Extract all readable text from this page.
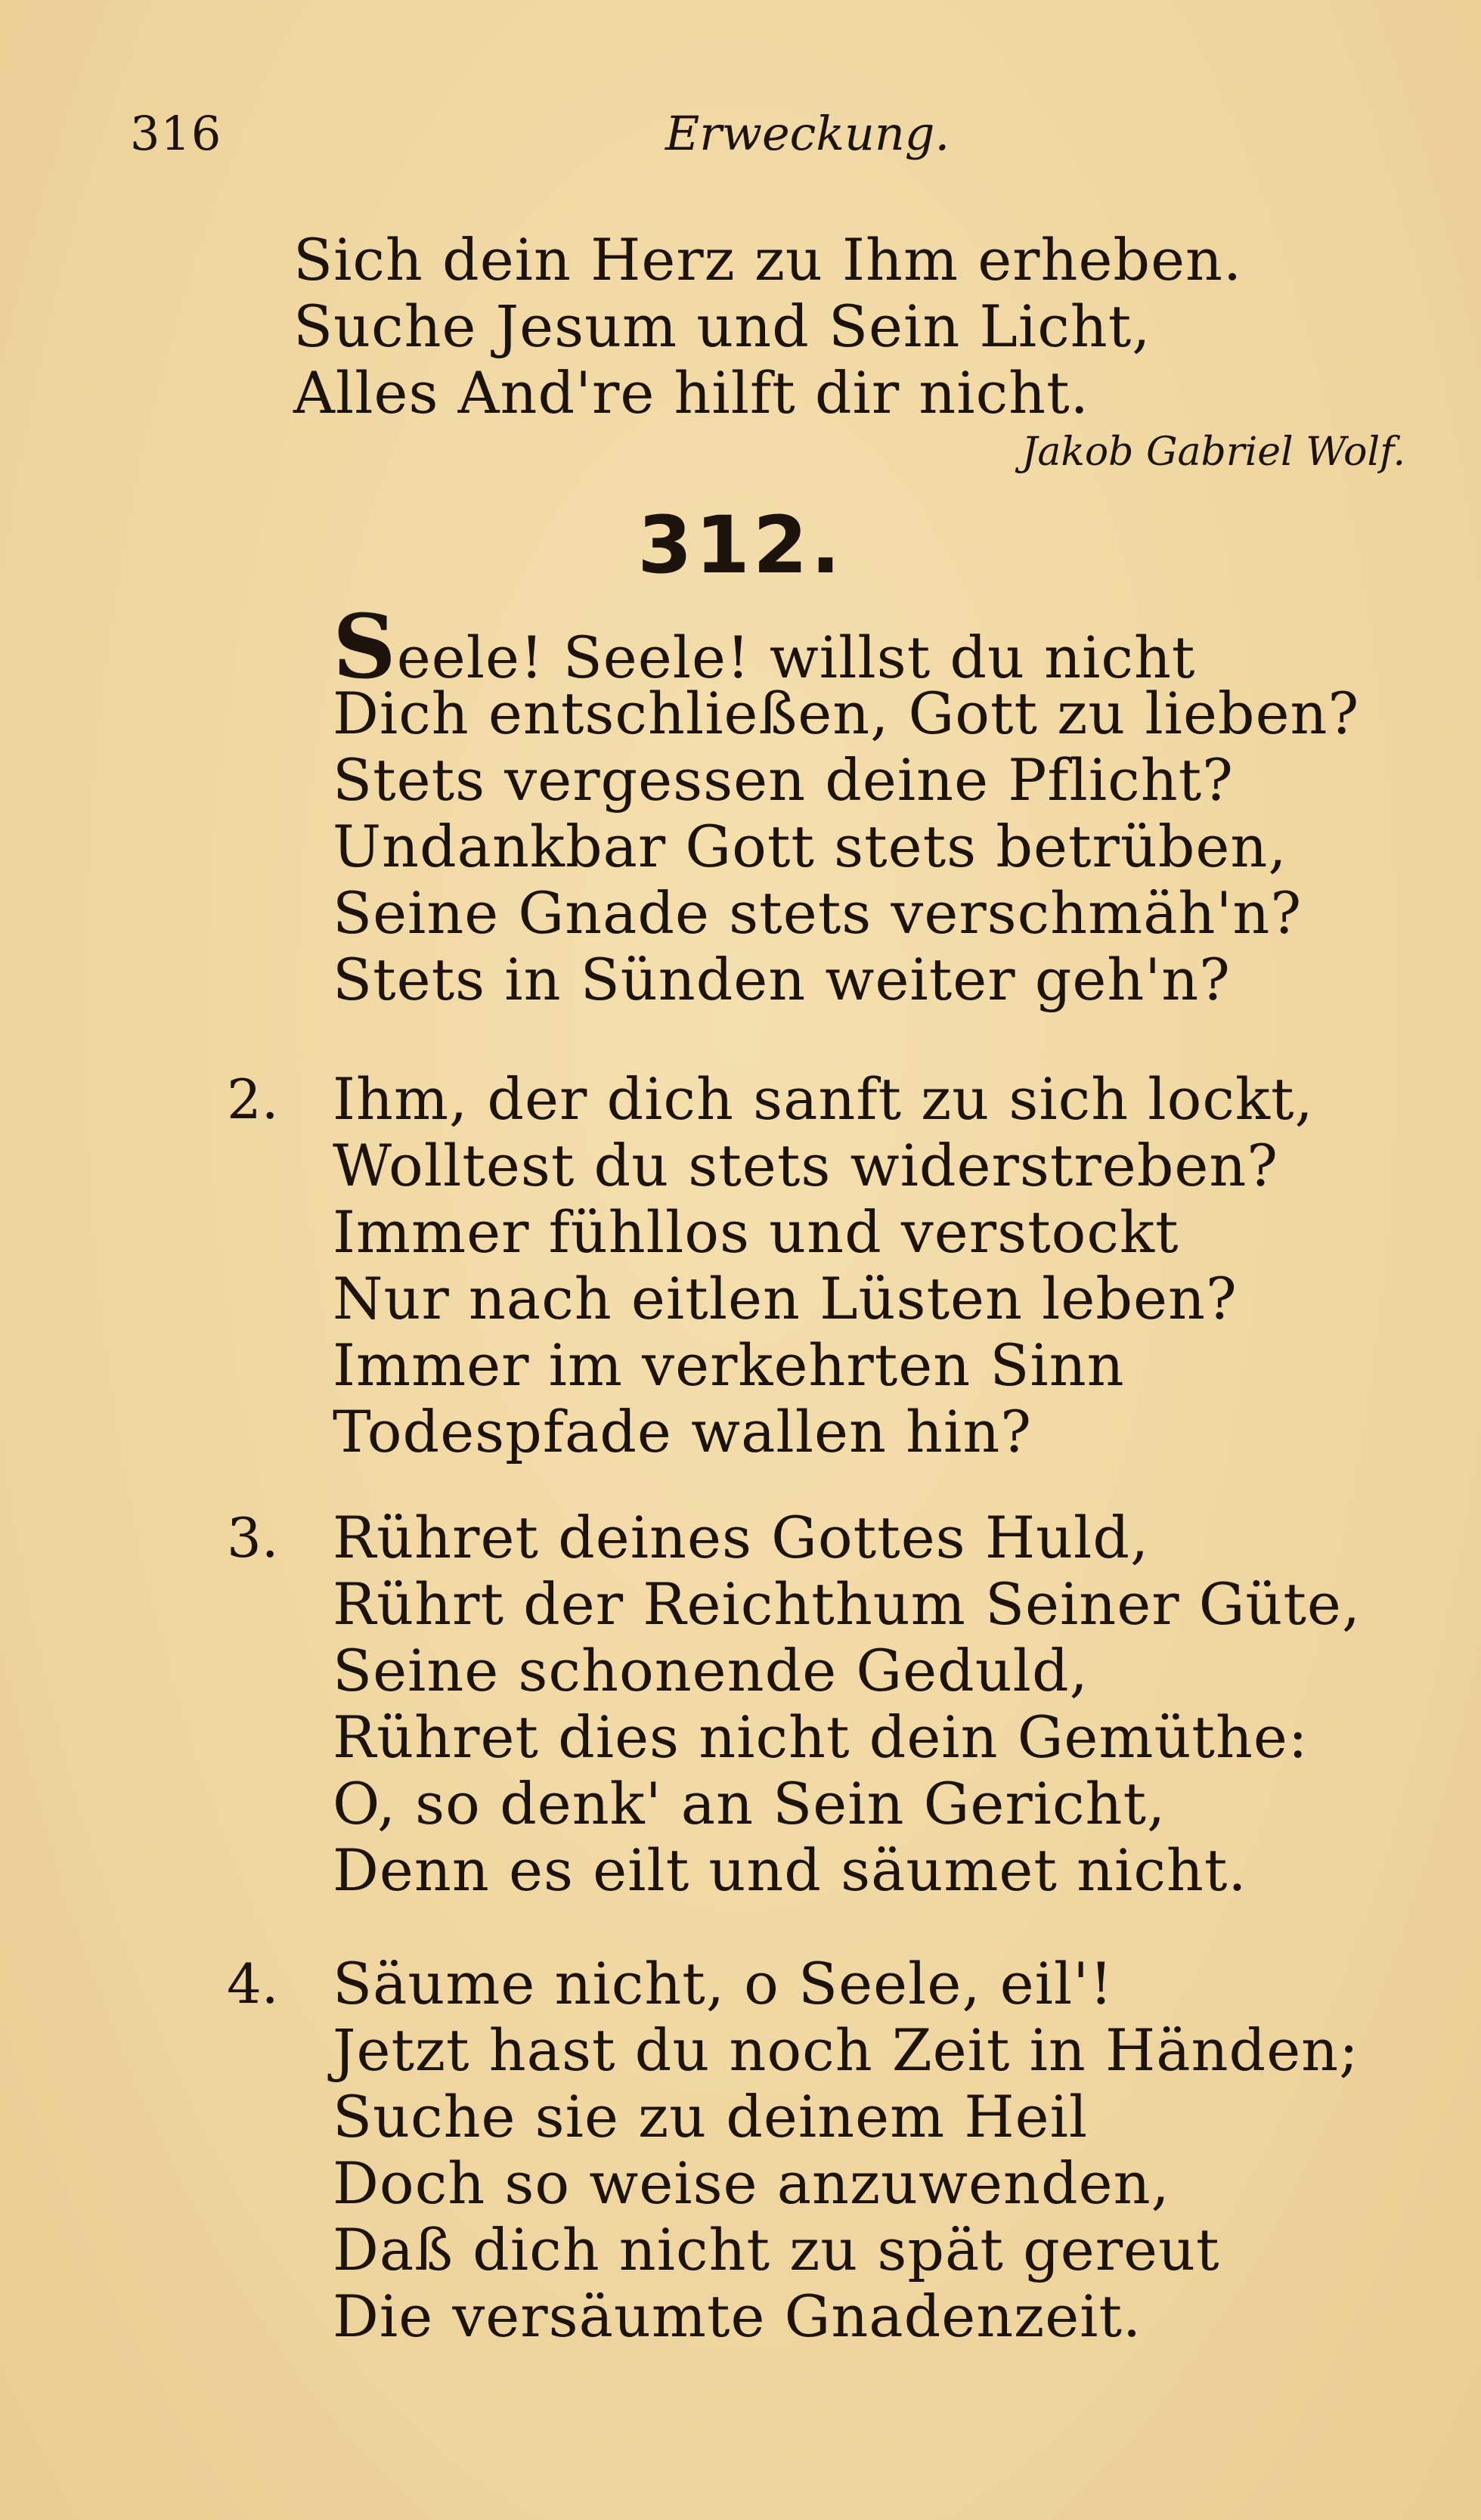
316	Erweckung.
Sich dein Herz zu Ihm erheben.
Suche Jesum und Sein Licht,
Alles And're hilft dir nicht.
Jakob Gabriel Wolf.
312.
Seele! Seele! willst du nicht
Dich entschließen, Gott zu lieben?
Stets vergessen deine Pflicht?
Undankbar Gott stets betrüben,
Seine Gnade stets verschmäh'n?
Stets in Sünden weiter geh'n?
2. Ihm, der dich sanft zu sich lockt,
Wolltest du stets widerstreben?
Immer fühllos und verstockt
Nur nach eitlen Lüsten leben?
Immer im verkehrten Sinn
Todespfade wallen hin?
3. Rühret deines Gottes Huld,
Rührt der Reichthum Seiner Güte,
Seine schonende Geduld,
Rühret dies nicht dein Gemüthe:
O, so denk' an Sein Gericht,
Denn es eilt und säumet nicht.
4. Säume nicht, o Seele, eil'!
Jetzt hast du noch Zeit in Händen;
Suche sie zu deinem Heil
Doch so weise anzuwenden,
Daß dich nicht zu spät gereut
Die versäumte Gnadenzeit.
